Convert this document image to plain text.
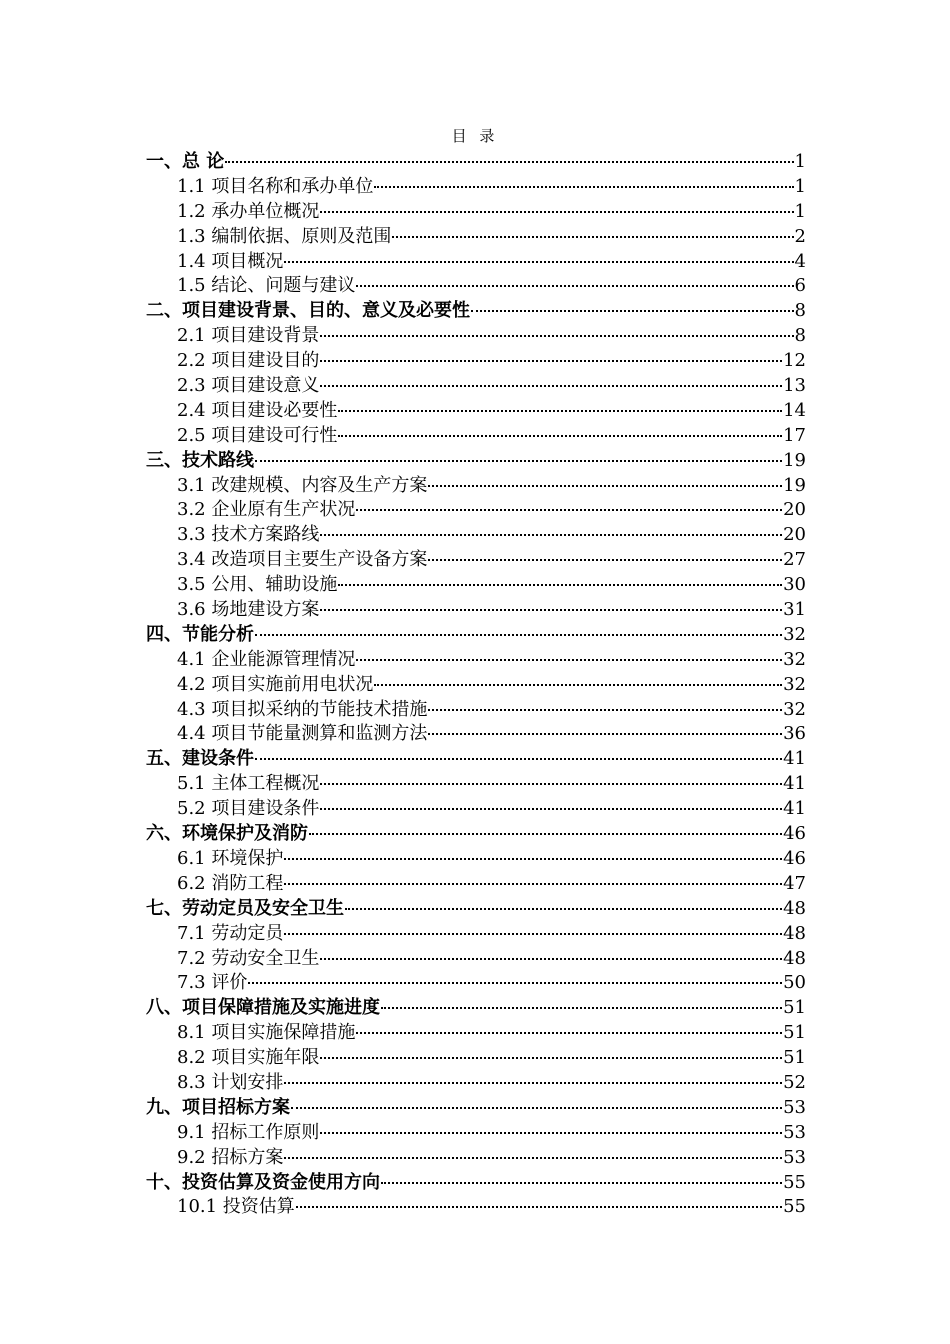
目 录
一、总 论	1
1.1 项目名称和承办单位	1
1.2 承办单位概况	1
1.3 编制依据、原则及范围	2
1.4 项目概况	4
1.5 结论、问题与建议	6
二、项目建设背景、目的、意义及必要性	8
2.1 项目建设背景	8
2.2 项目建设目的	12
2.3 项目建设意义	13
2.4 项目建设必要性	14
2.5 项目建设可行性	17
三、技术路线	19
3.1 改建规模、内容及生产方案	19
3.2 企业原有生产状况	20
3.3 技术方案路线	20
3.4 改造项目主要生产设备方案	27
3.5 公用、辅助设施	30
3.6 场地建设方案	31
四、节能分析	32
4.1 企业能源管理情况	32
4.2 项目实施前用电状况	32
4.3 项目拟采纳的节能技术措施	32
4.4 项目节能量测算和监测方法	36
五、建设条件	41
5.1 主体工程概况	41
5.2 项目建设条件	41
六、环境保护及消防	46
6.1 环境保护	46
6.2 消防工程	47
七、劳动定员及安全卫生	48
7.1 劳动定员	48
7.2 劳动安全卫生	48
7.3 评价	50
八、项目保障措施及实施进度	51
8.1 项目实施保障措施	51
8.2 项目实施年限	51
8.3 计划安排	52
九、项目招标方案	53
9.1 招标工作原则	53
9.2 招标方案	53
十、投资估算及资金使用方向	55
10.1 投资估算	55
